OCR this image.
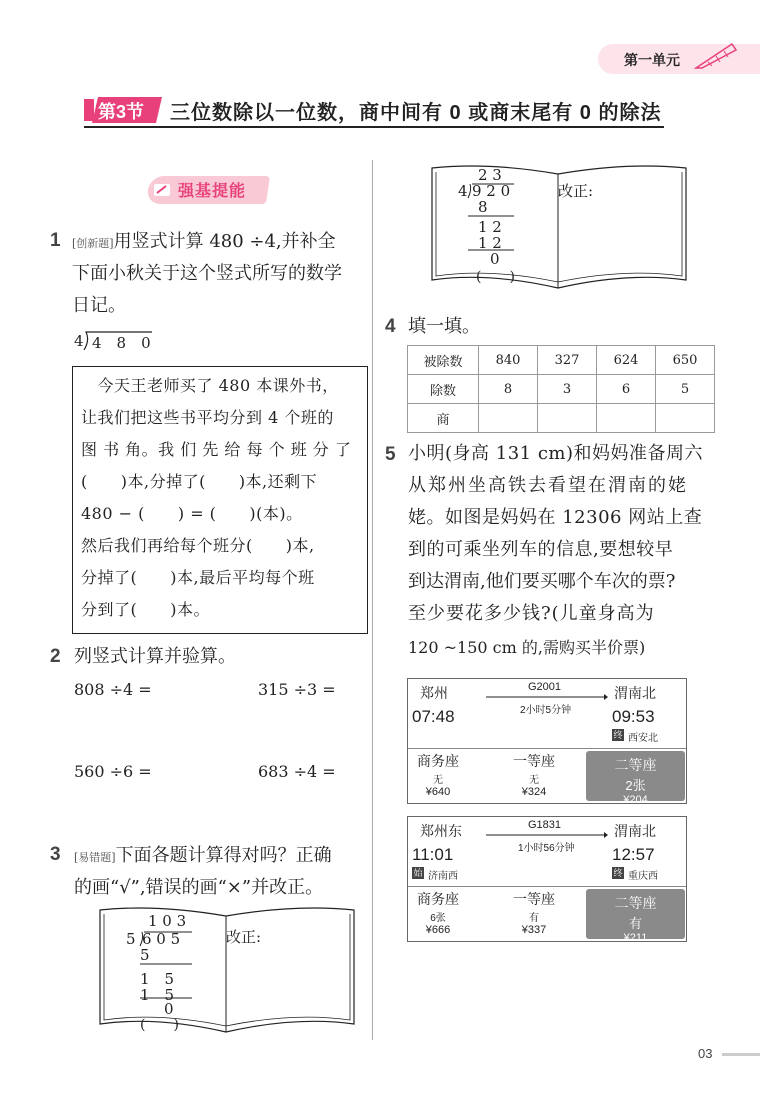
第一单元
第3节 三位数除以一位数，商中间有 0 或商末尾有 0 的除法
强基提能
1 [创新题]用竖式计算 480 ÷4,并补全
下面小秋关于这个竖式所写的数学
日记。
4 4　8　0
　今天王老师买了 480 本课外书，
让我们把这些书平均分到 4 个班的
图 书 角。我 们 先 给 每 个 班 分 了
(　　)本,分掉了(　　)本,还剩下
480 − (　　) = (　　)(本)。
然后我们再给每个班分(　　)本,
分掉了(　　)本,最后平均每个班
分到了(　　)本。
2 列竖式计算并验算。
808 ÷4 =	315 ÷3 =
560 ÷6 =	683 ÷4 =
3 [易错题]下面各题计算得对吗？正确
的画“√”,错误的画“×”并改正。
1 0 3
5 6 0 5
5
1　5
1　5
0
(　　)
改正:
2 3
4 9 2 0
8
1 2
1 2
0
(　　)
改正:
4 填一填。
被除数	840	327	624	650
除数	8	3	6	5
商				
5 小明(身高 131 cm)和妈妈准备周六
从郑州坐高铁去看望在渭南的姥
姥。如图是妈妈在 12306 网站上查
到的可乘坐列车的信息,要想较早
到达渭南,他们要买哪个车次的票?
至少要花多少钱?(儿童身高为
120 ~150 cm 的,需购买半价票)
郑州	G2001
2小时5分钟
渭南北
07:48	09:53
终 西安北
商务座
无
¥640
一等座
无
¥324
二等座
2张
¥204
郑州东	G1831
1小时56分钟
渭南北
11:01	12:57
始 济南西	终 重庆西
商务座
6张
¥666
一等座
有
¥337
二等座
有
¥211
03
